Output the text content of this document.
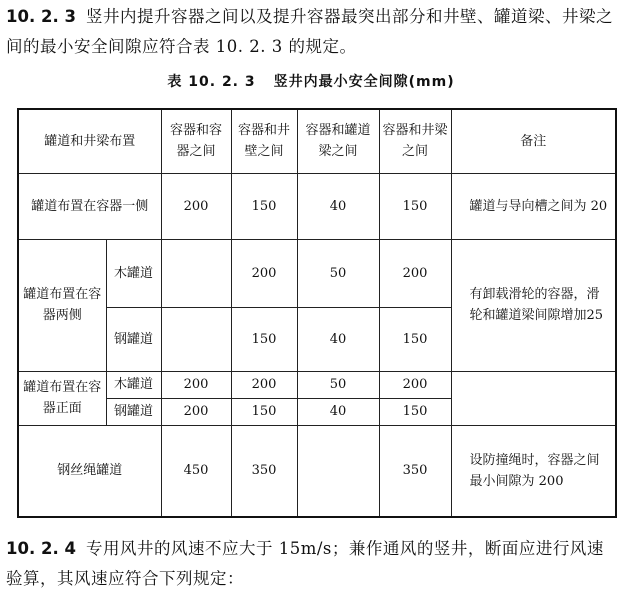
10. 2. 3 竖井内提升容器之间以及提升容器最突出部分和井壁、罐道梁、井梁之间的最小安全间隙应符合表 10. 2. 3 的规定。
表 10. 2. 3 竖井内最小安全间隙(mm)
罐道和井梁布置		容器和容器之间	容器和井壁之间	容器和罐道梁之间	容器和井梁之间	备注
罐道布置在容器一侧		200	150	40	150	罐道与导向槽之间为 20
罐道布置在容器两侧	木罐道		200	50	200	有卸载滑轮的容器，滑轮和罐道梁间隙增加25
	钢罐道		150	40	150	
罐道布置在容器正面	木罐道	200	200	50	200	
	钢罐道	200	150	40	150	
钢丝绳罐道		450	350		350	设防撞绳时，容器之间最小间隙为 200
10. 2. 4 专用风井的风速不应大于 15m/s；兼作通风的竖井，断面应进行风速验算，其风速应符合下列规定：
